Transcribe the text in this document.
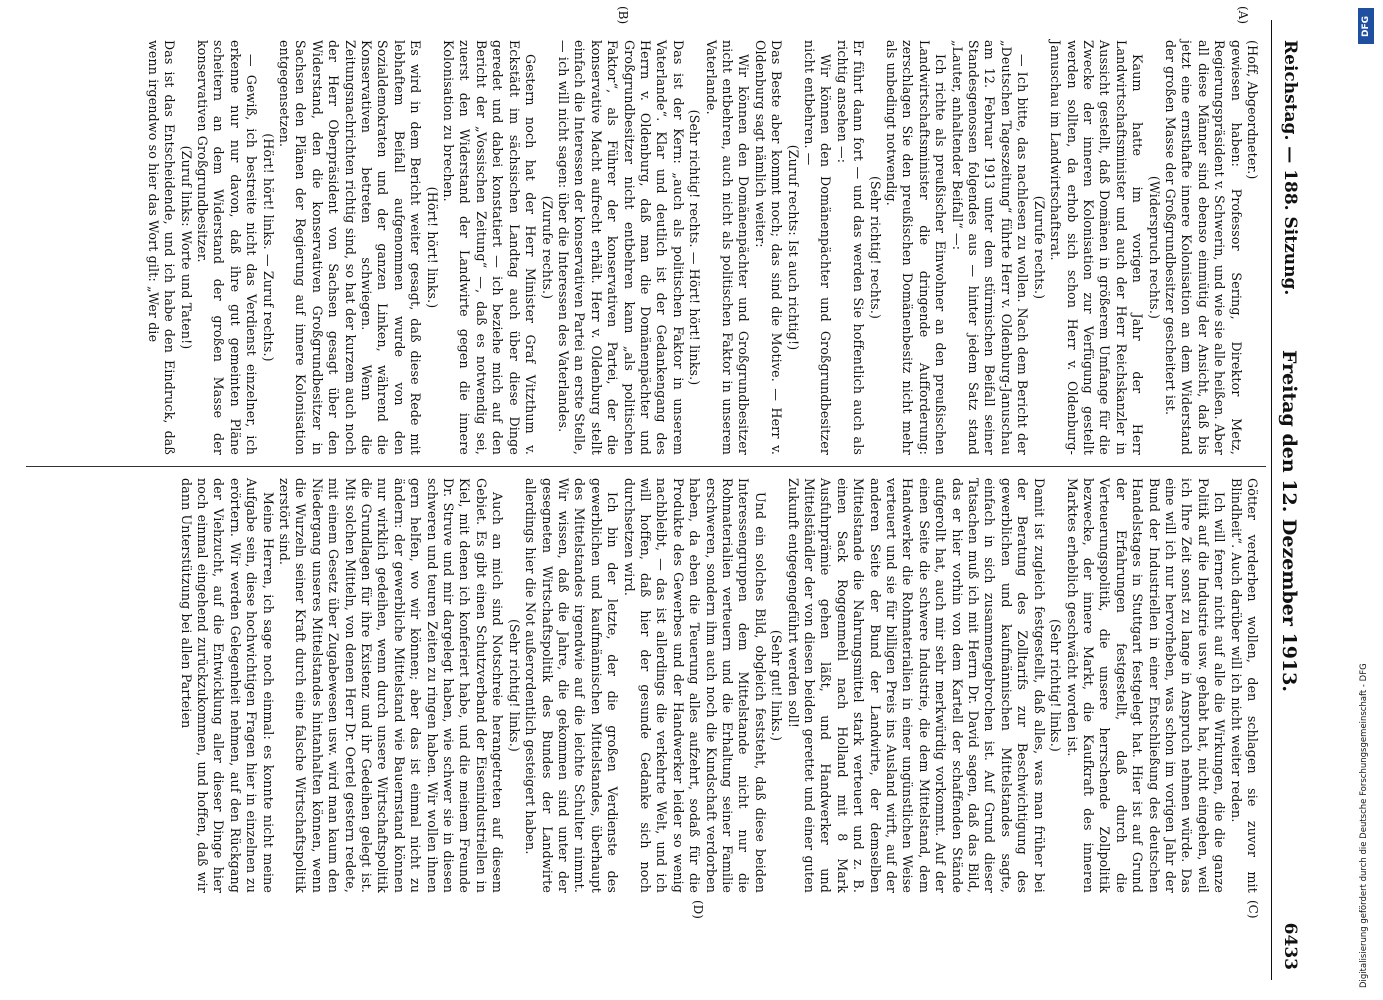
Reichstag. — 188. Sitzung.
Freitag den 12. Dezember 1913.
6433
(A)
(B)
(C)
(D)

(Hoff, Abgeordneter.)

gewiesen haben: Professor Sering, Direktor Metz, Regierungspräsident v. Schwerin, und wie sie alle heißen. Aber all diese Männer sind ebenso einmütig der Ansicht, daß bis jetzt eine ernsthafte innere Kolonisation an dem Widerstand der großen Masse der Großgrundbesitzer gescheitert ist.

(Widerspruch rechts.)

Kaum hatte im vorigen Jahr der Herr Landwirtschaftsminister und auch der Herr Reichskanzler in Aussicht gestellt, daß Domänen in größerem Umfange für die Zwecke der inneren Kolonisation zur Verfügung gestellt werden sollten, da erhob sich schon Herr v. Oldenburg-Januschau im Landwirtschaftsrat.

(Zurufe rechts.)

— Ich bitte, das nachlesen zu wollen. Nach dem Bericht der „Deutschen Tageszeitung“ führte Herr v. Oldenburg-Januschau am 12. Februar 1913 unter dem stürmischen Beifall seiner Standesgenossen folgendes aus — hinter jedem Satz stand „Lauter, anhaltender Beifall“ —:

Ich richte als preußischer Einwohner an den preußischen Landwirtschaftsminister die dringende Aufforderung: zerschlagen Sie den preußischen Domänenbesitz nicht mehr als unbedingt notwendig.

(Sehr richtig! rechts.)

Er führt dann fort — und das werden Sie hoffentlich auch als richtig ansehen —:

Wir können den Domänenpächter und Großgrundbesitzer nicht entbehren. —

(Zuruf rechts: Ist auch richtig!)

Das Beste aber kommt noch; das sind die Motive. — Herr v. Oldenburg sagt nämlich weiter:

Wir können den Domänenpächter und Großgrundbesitzer nicht entbehren, auch nicht als politischen Faktor in unserem Vaterlande.

(Sehr richtig! rechts. — Hört! hört! links.)

Das ist der Kern: „auch als politischen Faktor in unserem Vaterlande“. Klar und deutlich ist der Gedankengang des Herrn v. Oldenburg, daß man die Domänenpächter und Großgrundbesitzer nicht entbehren kann „als politischen Faktor“, als Führer der konservativen Partei, der die konservative Macht aufrecht erhält. Herr v. Oldenburg stellt einfach die Interessen der konservativen Partei an erste Stelle, — ich will nicht sagen: über die Interessen des Vaterlandes.

(Zurufe rechts.)

Gestern noch hat der Herr Minister Graf Vitzthum v. Eckstädt im sächsischen Landtag auch über diese Dinge geredet und dabei konstatiert — ich beziehe mich auf den Bericht der „Vossischen Zeitung“ —, daß es notwendig sei, zuerst den Widerstand der Landwirte gegen die innere Kolonisation zu brechen.

(Hört! hört! links.)

Es wird in dem Bericht weiter gesagt, daß diese Rede mit lebhaftem Beifall aufgenommen wurde von den Sozialdemokraten und der ganzen Linken, während die Konservativen betreten schwiegen. Wenn die Zeitungsnachrichten richtig sind, so hat der kurzem auch noch der Herr Oberpräsident von Sachsen gesagt über den Widerstand, den die konservativen Großgrundbesitzer in Sachsen den Plänen der Regierung auf innere Kolonisation entgegensetzen.

(Hört! hört! links. — Zuruf rechts.)

— Gewiß, ich bestreite nicht das Verdienst einzelner, ich erkenne nur nur davon, daß ihre gut gemeinten Pläne scheitern an dem Widerstand der großen Masse der konservativen Großgrundbesitzer.

(Zuruf links: Worte und Taten!)

Das ist das Entscheidende, und ich habe den Eindruck, daß wenn irgendwo so hier das Wort gilt: „Wer die

Götter verderben wollen, den schlagen sie zuvor mit Blindheit“. Auch darüber will ich nicht weiter reden.

Ich will ferner nicht auf alle die Wirkungen, die die ganze Politik auf die Industrie usw. gehabt hat, nicht eingehen, weil ich Ihre Zeit sonst zu lange in Anspruch nehmen würde. Das eine will ich nur hervorheben, was schon im vorigen Jahr der Bund der Industriellen in einer Entschließung des deutschen Handelstages in Stuttgart festgelegt hat. Hier ist auf Grund der Erfahrungen festgestellt, daß durch die Verteuerungspolitik, die unsere herrschende Zollpolitik bezwecke, der innere Markt, die Kaufkraft des inneren Marktes erheblich geschwächt worden ist.

(Sehr richtig! links.)

Damit ist zugleich festgestellt, daß alles, was man früher bei der Beratung des Zolltarifs zur Beschwichtigung des gewerblichen und kaufmännischen Mittelstandes sagte, einfach in sich zusammengebrochen ist. Auf Grund dieser Tatsachen muß ich mit Herrn Dr. David sagen, daß das Bild, das er hier vorhin von dem Kartell der schaffenden Stände aufgerollt hat, auch mir sehr merkwürdig vorkommt. Auf der einen Seite die schwere Industrie, die dem Mittelstand, dem Handwerker die Rohmaterialien in einer ungünstlichen Weise verteuert und sie für billigen Preis ins Ausland wirft, auf der anderen Seite der Bund der Landwirte, der demselben Mittelstande die Nahrungsmittel stark verteuert und z. B. einen Sack Roggenmehl nach Holland mit 8 Mark Ausfuhrprämie gehen läßt, und Handwerker und Mittelständler der von diesen beiden gerettet und einer guten Zukunft entgegengeführt werden soll!

(Sehr gut! links.)

Und ein solches Bild, obgleich feststeht, daß diese beiden Interessengruppen dem Mittelstande nicht nur die Rohmaterialien verteuern und die Erhaltung seiner Familie erschweren, sondern ihm auch noch die Kundschaft verdorben haben, da eben die Teuerung alles aufzehrt, sodaß für die Produkte des Gewerbes und der Handwerker leider so wenig nachbleibt, — das ist allerdings die verkehrte Welt, und ich will hoffen, daß hier der gesunde Gedanke sich noch durchsetzen wird.

Ich bin der letzte, der die großen Verdienste des gewerblichen und kaufmännischen Mittelstandes, überhaupt des Mittelstandes irgendwie auf die leichte Schulter nimmt. Wir wissen, daß die Jahre, die gekommen sind unter der gesegneten Wirtschaftspolitik des Bundes der Landwirte allerdings hier die Not außerordentlich gesteigert haben.

(Sehr richtig! links.)

Auch an mich sind Notschreie herangetreten auf diesem Gebiet. Es gibt einen Schutzverband der Eisenindustriellen in Kiel, mit denen ich konferiert habe, und die meinem Freunde Dr. Struve und mir dargelegt haben, wie schwer sie in diesen schweren und teuren Zeiten zu ringen haben. Wir wollen ihnen gern helfen, wo wir können; aber das ist einmal nicht zu ändern: der gewerbliche Mittelstand wie Bauernstand können nur wirklich gedeihen, wenn durch unsere Wirtschaftspolitik die Grundlagen für ihre Existenz und ihr Gedeihen gelegt ist. Mit solchen Mitteln, von denen Herr Dr. Oertel gestern redete, mit einem Gesetz über Zugabewesen usw. wird man kaum den Niedergang unseres Mittelstandes hintanhalten können, wenn die Wurzeln seiner Kraft durch eine falsche Wirtschaftspolitik zerstört sind.

Meine Herren, ich sage noch einmal: es konnte nicht meine Aufgabe sein, diese hochwichtigen Fragen hier in einzelnen zu erörtern. Wir werden Gelegenheit nehmen, auf den Rückgang der Viehzucht, auf die Entwicklung aller dieser Dinge hier noch einmal eingehend zurückzukommen, und hoffen, daß wir dann Unterstützung bei allen Parteien

DFG
Digitalisierung gefördert durch die Deutsche Forschungsgemeinschaft - DFG
